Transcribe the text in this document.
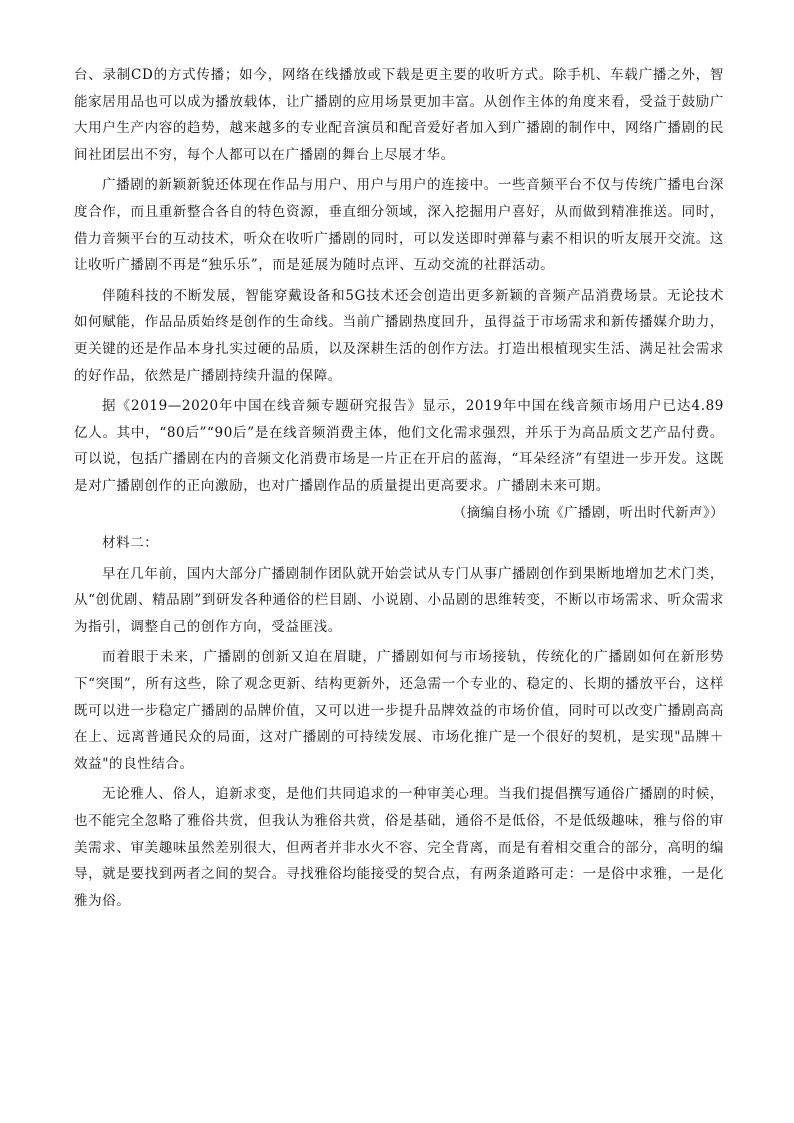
台、录制CD的方式传播；如今，网络在线播放或下载是更主要的收听方式。除手机、车载广播之外，智能家居用品也可以成为播放载体，让广播剧的应用场景更加丰富。从创作主体的角度来看，受益于鼓励广大用户生产内容的趋势，越来越多的专业配音演员和配音爱好者加入到广播剧的制作中，网络广播剧的民间社团层出不穷，每个人都可以在广播剧的舞台上尽展才华。

广播剧的新颖新貌还体现在作品与用户、用户与用户的连接中。一些音频平台不仅与传统广播电台深度合作，而且重新整合各自的特色资源，垂直细分领域，深入挖掘用户喜好，从而做到精准推送。同时，借力音频平台的互动技术，听众在收听广播剧的同时，可以发送即时弹幕与素不相识的听友展开交流。这让收听广播剧不再是“独乐乐”，而是延展为随时点评、互动交流的社群活动。

伴随科技的不断发展，智能穿戴设备和5G技术还会创造出更多新颖的音频产品消费场景。无论技术如何赋能，作品品质始终是创作的生命线。当前广播剧热度回升，虽得益于市场需求和新传播媒介助力，更关键的还是作品本身扎实过硬的品质，以及深耕生活的创作方法。打造出根植现实生活、满足社会需求的好作品，依然是广播剧持续升温的保障。

据《2019—2020年中国在线音频专题研究报告》显示，2019年中国在线音频市场用户已达4.89亿人。其中，“80后”“90后”是在线音频消费主体，他们文化需求强烈，并乐于为高品质文艺产品付费。可以说，包括广播剧在内的音频文化消费市场是一片正在开启的蓝海，“耳朵经济”有望进一步开发。这既是对广播剧创作的正向激励，也对广播剧作品的质量提出更高要求。广播剧未来可期。

（摘编自杨小琉《广播剧，听出时代新声》）

材料二：

早在几年前，国内大部分广播剧制作团队就开始尝试从专门从事广播剧创作到果断地增加艺术门类，从“创优剧、精品剧”到研发各种通俗的栏目剧、小说剧、小品剧的思维转变，不断以市场需求、听众需求为指引，调整自己的创作方向，受益匪浅。

而着眼于未来，广播剧的创新又迫在眉睫，广播剧如何与市场接轨，传统化的广播剧如何在新形势下“突围”，所有这些，除了观念更新、结构更新外，还急需一个专业的、稳定的、长期的播放平台，这样既可以进一步稳定广播剧的品牌价值，又可以进一步提升品牌效益的市场价值，同时可以改变广播剧高高在上、远离普通民众的局面，这对广播剧的可持续发展、市场化推广是一个很好的契机，是实现"品牌＋效益"的良性结合。

无论雅人、俗人，追新求变，是他们共同追求的一种审美心理。当我们提倡撰写通俗广播剧的时候，也不能完全忽略了雅俗共赏，但我认为雅俗共赏，俗是基础，通俗不是低俗，不是低级趣味，雅与俗的审美需求、审美趣味虽然差别很大，但两者并非水火不容、完全背离，而是有着相交重合的部分，高明的编导，就是要找到两者之间的契合。寻找雅俗均能接受的契合点，有两条道路可走：一是俗中求雅，一是化雅为俗。
